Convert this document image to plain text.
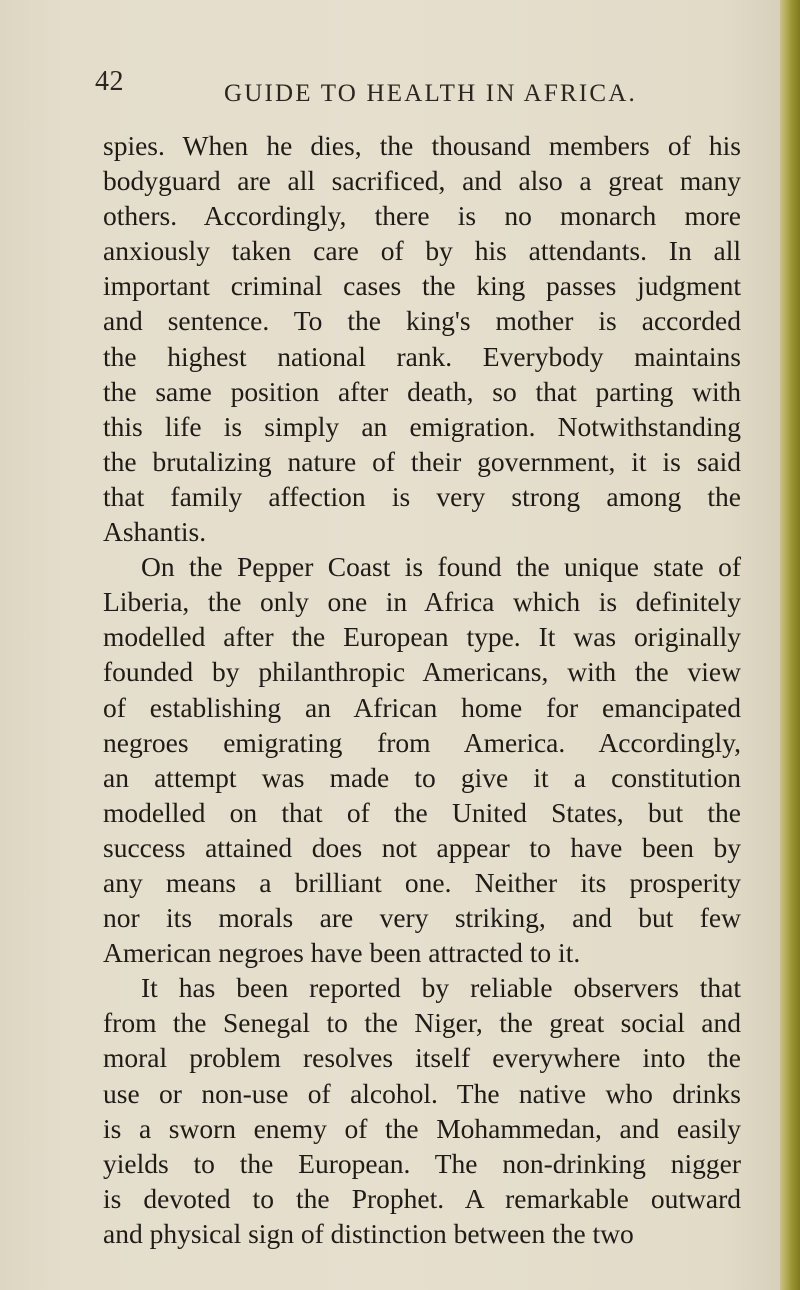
42	GUIDE TO HEALTH IN AFRICA.
spies. When he dies, the thousand members of his
bodyguard are all sacrificed, and also a great many
others. Accordingly, there is no monarch more
anxiously taken care of by his attendants. In all
important criminal cases the king passes judgment
and sentence. To the king's mother is accorded
the highest national rank. Everybody maintains
the same position after death, so that parting with
this life is simply an emigration. Notwithstanding
the brutalizing nature of their government, it is said
that family affection is very strong among the
Ashantis.
On the Pepper Coast is found the unique state of
Liberia, the only one in Africa which is definitely
modelled after the European type. It was originally
founded by philanthropic Americans, with the view
of establishing an African home for emancipated
negroes emigrating from America. Accordingly,
an attempt was made to give it a constitution
modelled on that of the United States, but the
success attained does not appear to have been by
any means a brilliant one. Neither its prosperity
nor its morals are very striking, and but few
American negroes have been attracted to it.
It has been reported by reliable observers that
from the Senegal to the Niger, the great social and
moral problem resolves itself everywhere into the
use or non-use of alcohol. The native who drinks
is a sworn enemy of the Mohammedan, and easily
yields to the European. The non-drinking nigger
is devoted to the Prophet. A remarkable outward
and physical sign of distinction between the two
